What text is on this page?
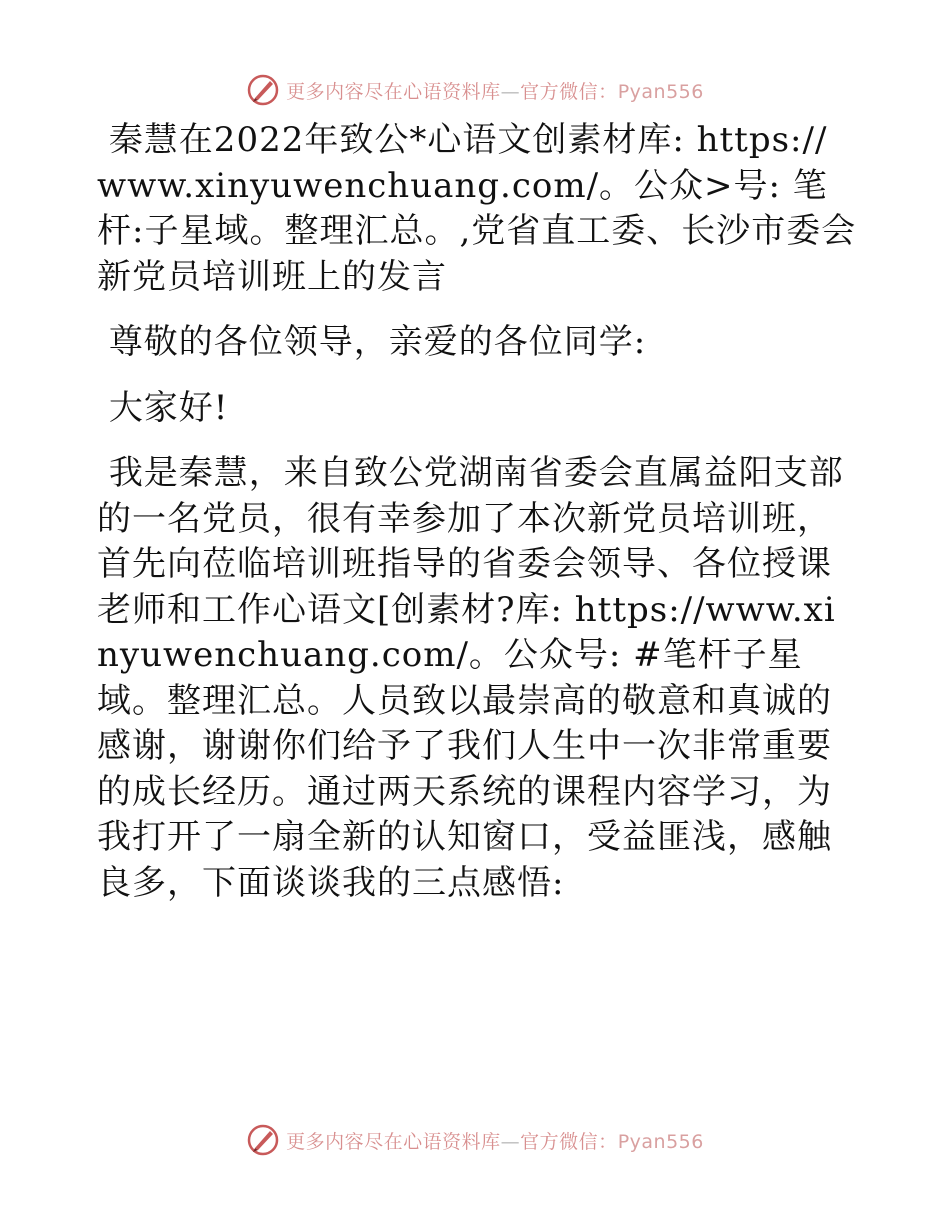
更多内容尽在心语资料库—官方微信：Pyan556

秦慧在2022年致公*心语文创素材库: https://www.xinyuwenchuang.com/。公众>号: 笔杆:子星域。整理汇总。,党省直工委、长沙市委会新党员培训班上的发言

尊敬的各位领导，亲爱的各位同学:

大家好!

我是秦慧，来自致公党湖南省委会直属益阳支部的一名党员，很有幸参加了本次新党员培训班，首先向莅临培训班指导的省委会领导、各位授课老师和工作心语文[创素材?库: https://www.xinyuwenchuang.com/。公众号: #笔杆子星域。整理汇总。人员致以最崇高的敬意和真诚的感谢，谢谢你们给予了我们人生中一次非常重要的成长经历。通过两天系统的课程内容学习，为我打开了一扇全新的认知窗口，受益匪浅，感触良多，下面谈谈我的三点感悟:

更多内容尽在心语资料库—官方微信：Pyan556
